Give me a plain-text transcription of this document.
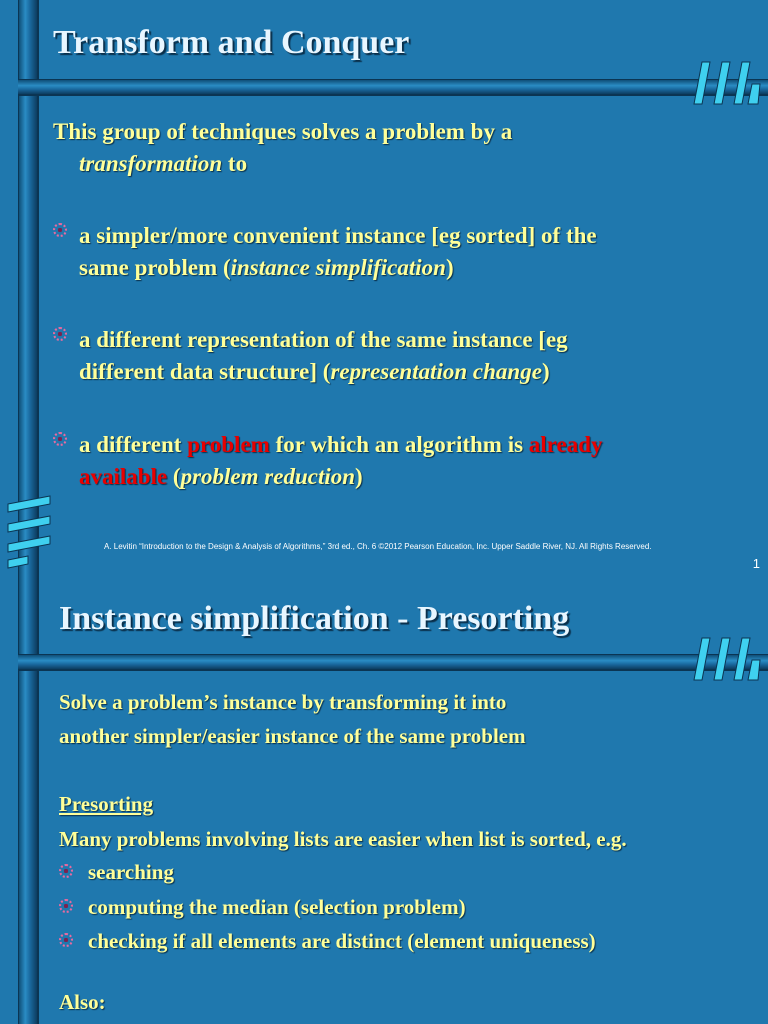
Transform and Conquer
This group of techniques solves a problem by a
transformation to
a simpler/more convenient instance [eg sorted] of the
same problem (instance simplification)
a different representation of the same instance [eg
different data structure] (representation change)
a different problem for which an algorithm is already
available (problem reduction)
A. Levitin “Introduction to the Design & Analysis of Algorithms,” 3rd ed., Ch. 6 ©2012 Pearson Education, Inc. Upper Saddle River, NJ. All Rights Reserved.
1
Instance simplification - Presorting
Solve a problem’s instance by transforming it into
another simpler/easier instance of the same problem
Presorting
Many problems involving lists are easier when list is sorted, e.g.
searching
computing the median (selection problem)
checking if all elements are distinct (element uniqueness)
Also:
